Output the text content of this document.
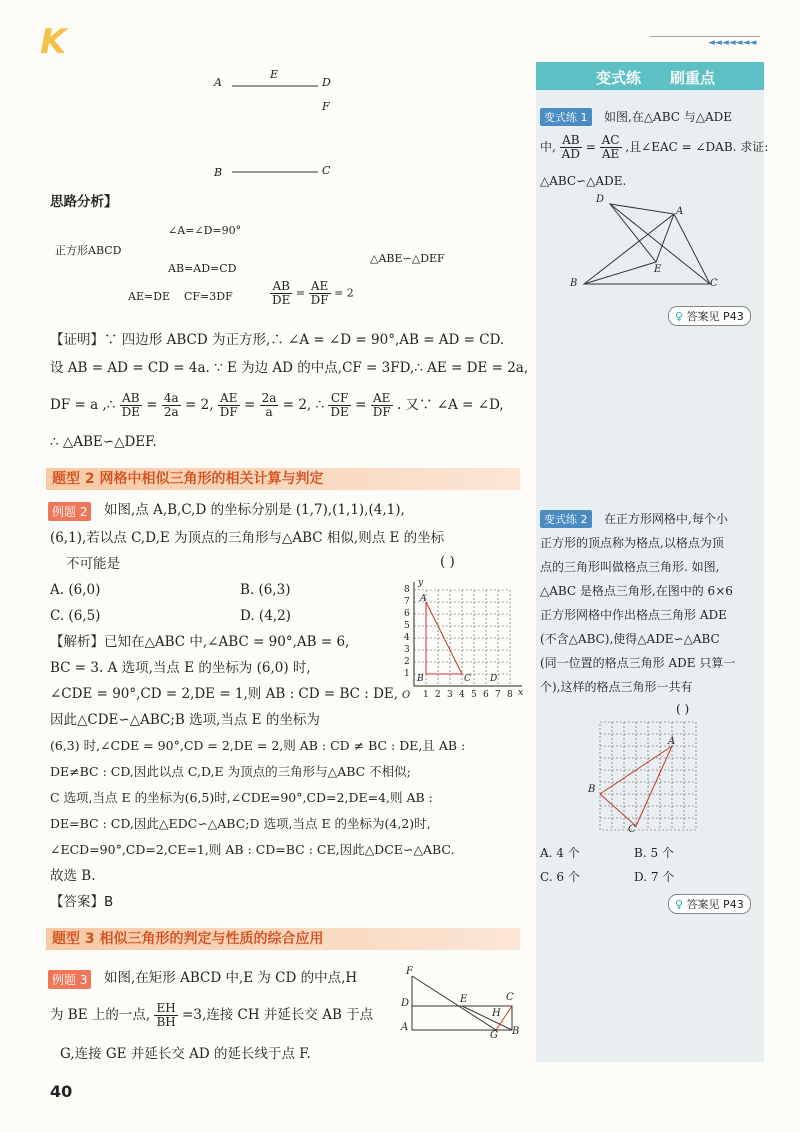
K	◄◄◄◄◄◄◄
A
E
D
F
B	C
思路分析】
∠A=∠D=90°
正方形ABCD
AB=AD=CD
△ABE∽△DEF
AE=DE CF=3DF	$\frac{AB}{DE} = \frac{AE}{DF} = 2$
【证明】∵ 四边形 ABCD 为正方形,∴ ∠A = ∠D = 90°,AB = AD = CD.
设 AB = AD = CD = 4a. ∵ E 为边 AD 的中点,CF = 3FD,∴ AE = DE = 2a,
DF = a ,∴ $\frac{AB}{DE} = \frac{4a}{2a} = 2$, $\frac{AE}{DF} = \frac{2a}{a} = 2$, ∴ $\frac{CF}{DE} = \frac{AE}{DF}$ . 又∵ ∠A = ∠D,
∴ △ABE∽△DEF.
题型 2 网格中相似三角形的相关计算与判定
例题 2 如图,点 A,B,C,D 的坐标分别是 (1,7),(1,1),(4,1),
(6,1),若以点 C,D,E 为顶点的三角形与△ABC 相似,则点 E 的坐标
不可能是	( )
A. (6,0)	B. (6,3)
C. (6,5)	D. (4,2)
y
x
O
8
7
6
5
4
3
2
1
1 2 3 4 5 6 7 8
A
B	C D
【解析】已知在△ABC 中,∠ABC = 90°,AB = 6,
BC = 3. A 选项,当点 E 的坐标为 (6,0) 时,
∠CDE = 90°,CD = 2,DE = 1,则 AB : CD = BC : DE,
因此△CDE∽△ABC;B 选项,当点 E 的坐标为
(6,3) 时,∠CDE = 90°,CD = 2,DE = 2,则 AB : CD ≠ BC : DE,且 AB :
DE≠BC : CD,因此以点 C,D,E 为顶点的三角形与△ABC 不相似;
C 选项,当点 E 的坐标为(6,5)时,∠CDE=90°,CD=2,DE=4,则 AB :
DE=BC : CD,因此△EDC∽△ABC;D 选项,当点 E 的坐标为(4,2)时,
∠ECD=90°,CD=2,CE=1,则 AB : CD=BC : CE,因此△DCE∽△ABC.
故选 B.
【答案】B
题型 3 相似三角形的判定与性质的综合应用
例题 3 如图,在矩形 ABCD 中,E 为 CD 的中点,H
为 BE 上的一点, $\frac{EH}{BH} =3$,连接 CH 并延长交 AB 于点
G,连接 GE 并延长交 AD 的延长线于点 F.
F
D	E	C
H
A
G B
40
变式练 刷重点
变式练 1	如图,在△ABC 与△ADE
中, $\frac{AB}{AD} = \frac{AC}{AE}$ ,且∠EAC = ∠DAB. 求证:
△ABC∽△ADE.
D
A
E
B	C
♀ 答案见 P43
变式练 2	在正方形网格中,每个小
正方形的顶点称为格点,以格点为顶
点的三角形叫做格点三角形. 如图,
△ABC 是格点三角形,在图中的 6×6
正方形网格中作出格点三角形 ADE
(不含△ABC),使得△ADE∽△ABC
(同一位置的格点三角形 ADE 只算一
个),这样的格点三角形一共有
( )
A
B
C
A. 4 个	B. 5 个
C. 6 个	D. 7 个
♀ 答案见 P43
